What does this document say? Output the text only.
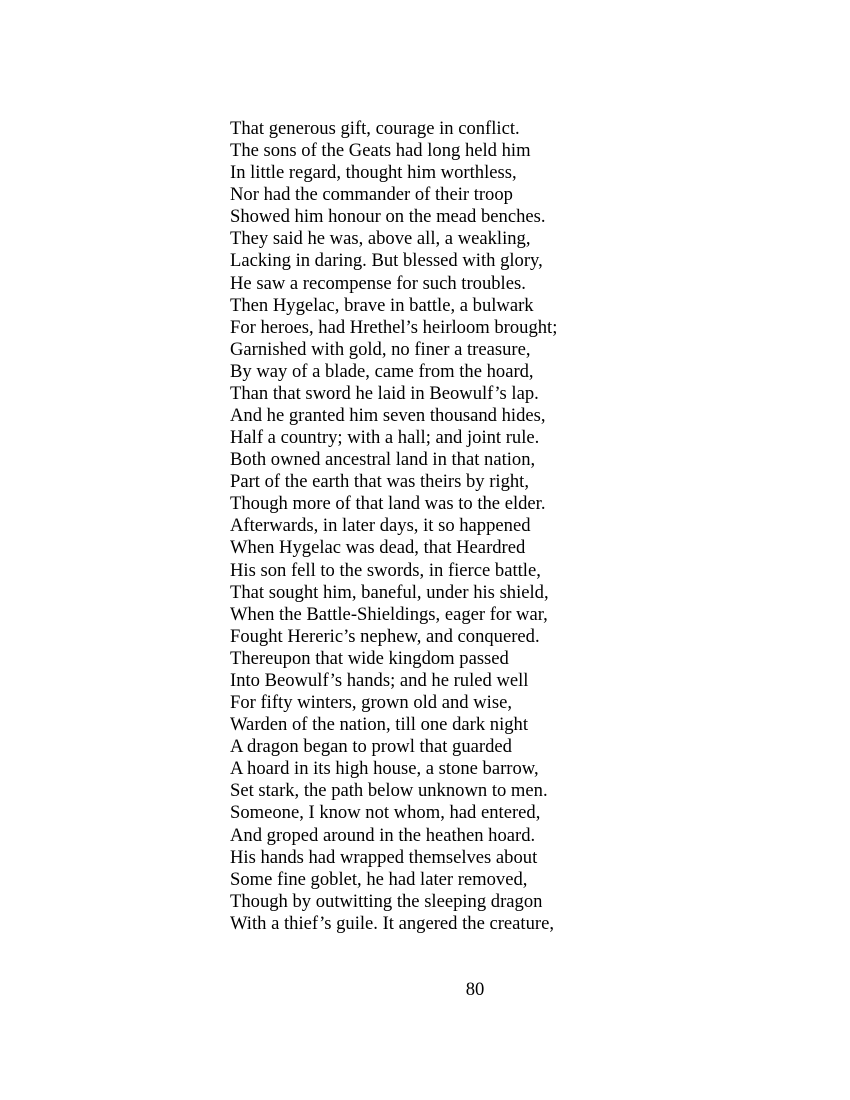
That generous gift, courage in conflict.
The sons of the Geats had long held him
In little regard, thought him worthless,
Nor had the commander of their troop
Showed him honour on the mead benches.
They said he was, above all, a weakling,
Lacking in daring. But blessed with glory,
He saw a recompense for such troubles.
Then Hygelac, brave in battle, a bulwark
For heroes, had Hrethel’s heirloom brought;
Garnished with gold, no finer a treasure,
By way of a blade, came from the hoard,
Than that sword he laid in Beowulf’s lap.
And he granted him seven thousand hides,
Half a country; with a hall; and joint rule.
Both owned ancestral land in that nation,
Part of the earth that was theirs by right,
Though more of that land was to the elder.
Afterwards, in later days, it so happened
When Hygelac was dead, that Heardred
His son fell to the swords, in fierce battle,
That sought him, baneful, under his shield,
When the Battle-Shieldings, eager for war,
Fought Hereric’s nephew, and conquered.
Thereupon that wide kingdom passed
Into Beowulf’s hands; and he ruled well
For fifty winters, grown old and wise,
Warden of the nation, till one dark night
A dragon began to prowl that guarded
A hoard in its high house, a stone barrow,
Set stark, the path below unknown to men.
Someone, I know not whom, had entered,
And groped around in the heathen hoard.
His hands had wrapped themselves about
Some fine goblet, he had later removed,
Though by outwitting the sleeping dragon
With a thief’s guile. It angered the creature,
80
